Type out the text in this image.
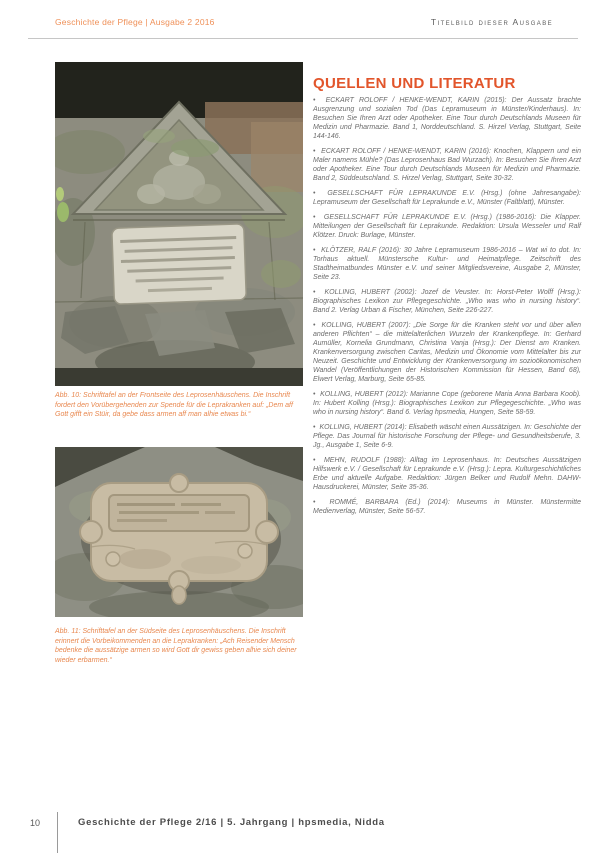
Geschichte der Pflege | Ausgabe 2 2016	Titelbild dieser Ausgabe
Abb. 10: Schrifttafel an der Frontseite des Leprosenhäuschens. Die Inschrift fordert den Vorübergehenden zur Spende für die Leprakranken auf: „Dem aff Gott gifft ein Stüir, da gebe dass armen aff man alhie etwas bi.“
Abb. 11: Schrifttafel an der Südseite des Leprosenhäuschens. Die Inschrift erinnert die Vorbeikommenden an die Leprakranken: „Ach Reisender Mensch bedenke die aussätzige armen so wird Gott dir gewiss geben alhie sich deiner wieder erbarmen.“
QUELLEN UND LITERATUR

•  ECKART ROLOFF / HENKE-WENDT, KARIN (2015): Der Aussatz brachte Ausgrenzung und sozialen Tod (Das Lepramuseum in Münster/Kinderhaus). In: Besuchen Sie Ihren Arzt oder Apotheker. Eine Tour durch Deutschlands Museen für Medizin und Pharmazie. Band 1, Norddeutschland. S. Hirzel Verlag, Stuttgart, Seite 144-146.

•  ECKART ROLOFF / HENKE-WENDT, KARIN (2016): Knochen, Klappern und ein Maler namens Mühle? (Das Leprosenhaus Bad Wurzach). In: Besuchen Sie Ihren Arzt oder Apotheker. Eine Tour durch Deutschlands Museen für Medizin und Pharmazie. Band 2, Süddeutschland. S. Hirzel Verlag, Stuttgart, Seite 30-32.

•  GESELLSCHAFT FÜR LEPRAKUNDE E.V. (Hrsg.) (ohne Jahresangabe): Lepramuseum der Gesellschaft für Leprakunde e.V., Münster (Faltblatt), Münster.

•  GESELLSCHAFT FÜR LEPRAKUNDE E.V. (Hrsg.) (1986-2016): Die Klapper. Mitteilungen der Gesellschaft für Leprakunde. Redaktion: Ursula Wesseler und Ralf Klötzer. Druck: Burlage, Münster.

•  KLÖTZER, RALF (2016): 30 Jahre Lepramuseum 1986-2016 – Wat wi to dot. In: Torhaus aktuell. Münstersche Kultur- und Heimatpflege. Zeitschrift des Stadtheimatbundes Münster e.V. und seiner Mitgliedsvereine, Ausgabe 2, Münster, Seite 23.

•  KOLLING, HUBERT (2002): Jozef de Veuster. In: Horst-Peter Wolff (Hrsg.): Biographisches Lexikon zur Pflegegeschichte. „Who was who in nursing history“. Band 2. Verlag Urban & Fischer, München, Seite 226-227.

•  KOLLING, HUBERT (2007): „Die Sorge für die Kranken steht vor und über allen anderen Pflichten“ – die mittelalterlichen Wurzeln der Krankenpflege. In: Gerhard Aumüller, Kornelia Grundmann, Christina Vanja (Hrsg.): Der Dienst am Kranken. Krankenversorgung zwischen Caritas, Medizin und Ökonomie vom Mittelalter bis zur Neuzeit. Geschichte und Entwicklung der Krankenversorgung im sozioökonomischen Wandel (Veröffentlichungen der Historischen Kommission für Hessen, Band 68), Elwert Verlag, Marburg, Seite 65-85.

•  KOLLING, HUBERT (2012): Marianne Cope (geborene Maria Anna Barbara Koob). In: Hubert Kolling (Hrsg.): Biographisches Lexikon zur Pflegegeschichte. „Who was who in nursing history“. Band 6. Verlag hpsmedia, Hungen, Seite 58-59.

•  KOLLING, HUBERT (2014): Elisabeth wäscht einen Aussätzigen. In: Geschichte der Pflege. Das Journal für historische Forschung der Pflege- und Gesundheitsberufe, 3. Jg., Ausgabe 1, Seite 6-9.

•  MEHN, RUDOLF (1988): Alltag im Leprosenhaus. In: Deutsches Aussätzigen Hilfswerk e.V. / Gesellschaft für Leprakunde e.V. (Hrsg.): Lepra. Kulturgeschichtliches Erbe und aktuelle Aufgabe. Redaktion: Jürgen Belker und Rudolf Mehn. DAHW-Hausdruckerei, Münster, Seite 35-36.

•  ROMMÉ, BARBARA (Ed.) (2014): Museums in Münster. Münstermitte Medienverlag, Münster, Seite 56-57.

10	Geschichte der Pflege 2/16 | 5. Jahrgang | hpsmedia, Nidda
